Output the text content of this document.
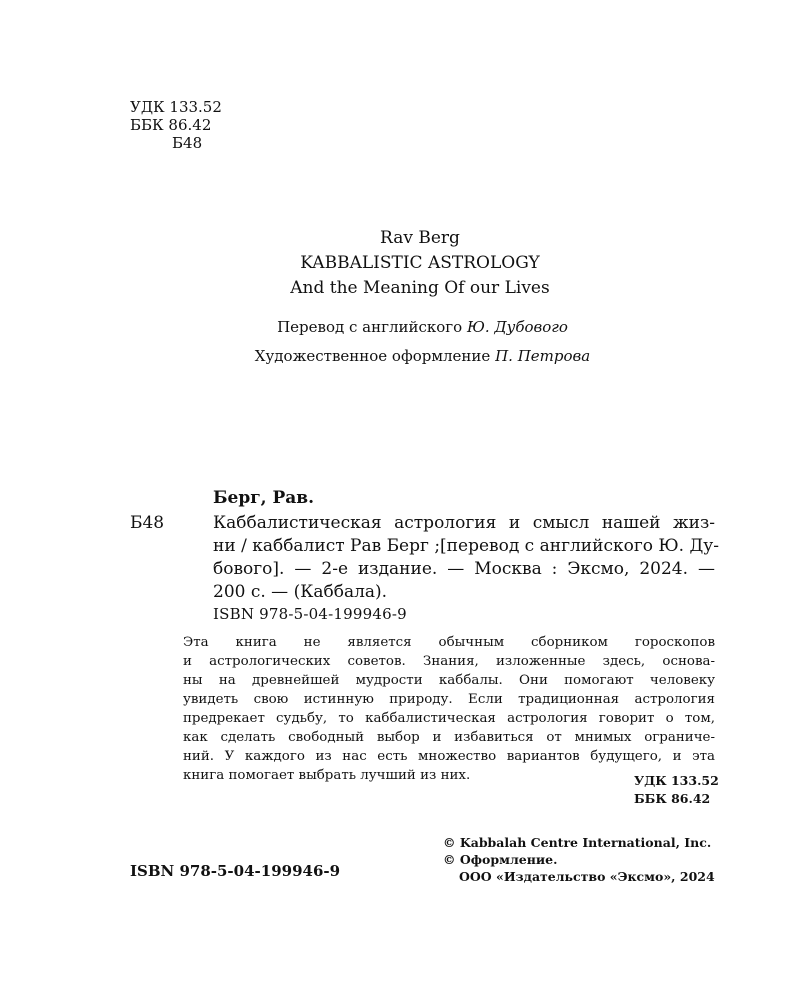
УДК 133.52
ББК 86.42
Б48
Rav Berg
KABBALISTIC ASTROLOGY
And the Meaning Of our Lives
Перевод с английского Ю. Дубового
Художественное оформление П. Петрова
Берг, Рав.
Б48	Каббалистическая астрология и смысл нашей жиз-
ни / каббалист Рав Берг ;[перевод с английского Ю. Ду-
бового]. — 2-е издание. — Москва : Эксмо, 2024. —
200 с. — (Каббала).
ISBN 978-5-04-199946-9
Эта книга не является обычным сборником гороскопов
и астрологических советов. Знания, изложенные здесь, основа-
ны на древнейшей мудрости каббалы. Они помогают человеку
увидеть свою истинную природу. Если традиционная астрология
предрекает судьбу, то каббалистическая астрология говорит о том,
как сделать свободный выбор и избавиться от мнимых ограниче-
ний. У каждого из нас есть множество вариантов будущего, и эта
книга помогает выбрать лучший из них.	УДК 133.52
ББК 86.42
ISBN 978-5-04-199946-9
© Kabbalah Centre International, Inc.
© Оформление.
ООО «Издательство «Эксмо», 2024
